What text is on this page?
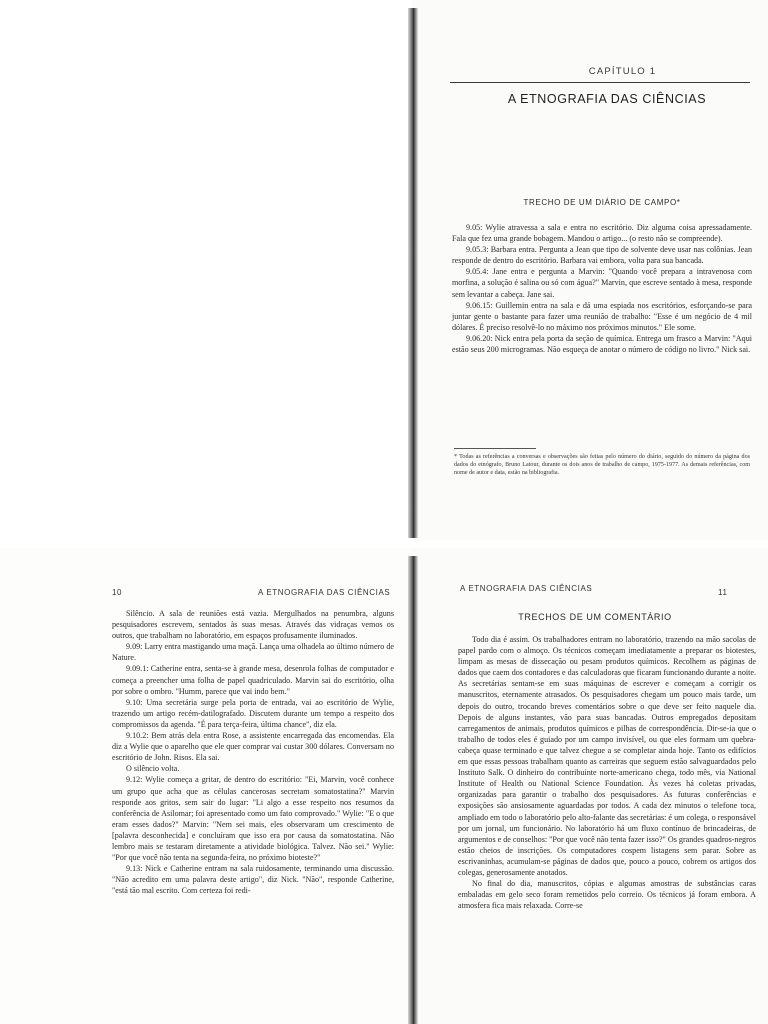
CAPÍTULO 1
A ETNOGRAFIA DAS CIÊNCIAS
TRECHO DE UM DIÁRIO DE CAMPO*

9.05: Wylie atravessa a sala e entra no escritório. Diz alguma coisa apressadamente. Fala que fez uma grande bobagem. Mandou o artigo... (o resto não se compreende).

9.05.3: Barbara entra. Pergunta a Jean que tipo de solvente deve usar nas colônias. Jean responde de dentro do escritório. Barbara vai embora, volta para sua bancada.

9.05.4: Jane entra e pergunta a Marvin: "Quando você prepara a intravenosa com morfina, a solução é salina ou só com água?" Marvin, que escreve sentado à mesa, responde sem levantar a cabeça. Jane sai.

9.06.15: Guillemin entra na sala e dá uma espiada nos escritórios, esforçando-se para juntar gente o bastante para fazer uma reunião de trabalho: "Esse é um negócio de 4 mil dólares. É preciso resolvê-lo no máximo nos próximos minutos." Ele some.

9.06.20: Nick entra pela porta da seção de química. Entrega um frasco a Marvin: "Aqui estão seus 200 microgramas. Não esqueça de anotar o número de código no livro." Nick sai.

* Todas as referências a conversas e observações são feitas pelo número do diário, seguido do número da página dos dados do etnógrafo, Bruno Latour, durante os dois anos de trabalho de campo, 1975-1977. As demais referências, com nome de autor e data, estão na bibliografia.
10	A ETNOGRAFIA DAS CIÊNCIAS

Silêncio. A sala de reuniões está vazia. Mergulhados na penumbra, alguns pesquisadores escrevem, sentados às suas mesas. Através das vidraças vemos os outros, que trabalham no laboratório, em espaços profusamente iluminados.

9.09: Larry entra mastigando uma maçã. Lança uma olhadela ao último número de Nature.

9.09.1: Catherine entra, senta-se à grande mesa, desenrola folhas de computador e começa a preencher uma folha de papel quadriculado. Marvin sai do escritório, olha por sobre o ombro. "Humm, parece que vai indo bem."

9.10: Uma secretária surge pela porta de entrada, vai ao escritório de Wylie, trazendo um artigo recém-datilografado. Discutem durante um tempo a respeito dos compromissos da agenda. "É para terça-feira, última chance", diz ela.

9.10.2: Bem atrás dela entra Rose, a assistente encarregada das encomendas. Ela diz a Wylie que o aparelho que ele quer comprar vai custar 300 dólares. Conversam no escritório de John. Risos. Ela sai.

O silêncio volta.

9.12: Wylie começa a gritar, de dentro do escritório: "Ei, Marvin, você conhece um grupo que acha que as células cancerosas secretam somatostatina?" Marvin responde aos gritos, sem sair do lugar: "Li algo a esse respeito nos resumos da conferência de Asilomar; foi apresentado como um fato comprovado." Wylie: "E o que eram esses dados?" Marvin: "Nem sei mais, eles observaram um crescimento de [palavra desconhecida] e concluíram que isso era por causa da somatostatina. Não lembro mais se testaram diretamente a atividade biológica. Talvez. Não sei." Wylie: "Por que você não tenta na segunda-feira, no próximo bioteste?"

9.13: Nick e Catherine entram na sala ruidosamente, terminando uma discussão. "Não acredito em uma palavra deste artigo", diz Nick. "Não", responde Catherine, "está tão mal escrito. Com certeza foi redi-

A ETNOGRAFIA DAS CIÊNCIAS	11
TRECHOS DE UM COMENTÁRIO

Todo dia é assim. Os trabalhadores entram no laboratório, trazendo na mão sacolas de papel pardo com o almoço. Os técnicos começam imediatamente a preparar os biotestes, limpam as mesas de dissecação ou pesam produtos químicos. Recolhem as páginas de dados que caem dos contadores e das calculadoras que ficaram funcionando durante a noite. As secretárias sentam-se em suas máquinas de escrever e começam a corrigir os manuscritos, eternamente atrasados. Os pesquisadores chegam um pouco mais tarde, um depois do outro, trocando breves comentários sobre o que deve ser feito naquele dia. Depois de alguns instantes, vão para suas bancadas. Outros empregados depositam carregamentos de animais, produtos químicos e pilhas de correspondência. Dir-se-ia que o trabalho de todos eles é guiado por um campo invisível, ou que eles formam um quebra-cabeça quase terminado e que talvez chegue a se completar ainda hoje. Tanto os edifícios em que essas pessoas trabalham quanto as carreiras que seguem estão salvaguardados pelo Instituto Salk. O dinheiro do contribuinte norte-americano chega, todo mês, via National Institute of Health ou National Science Foundation. Às vezes há coletas privadas, organizadas para garantir o trabalho dos pesquisadores. As futuras conferências e exposições são ansiosamente aguardadas por todos. A cada dez minutos o telefone toca, ampliado em todo o laboratório pelo alto-falante das secretárias: é um colega, o responsável por um jornal, um funcionário. No laboratório há um fluxo contínuo de brincadeiras, de argumentos e de conselhos: "Por que você não tenta fazer isso?" Os grandes quadros-negros estão cheios de inscrições. Os computadores cospem listagens sem parar. Sobre as escrivaninhas, acumulam-se páginas de dados que, pouco a pouco, cobrem os artigos dos colegas, generosamente anotados.

No final do dia, manuscritos, cópias e algumas amostras de substâncias caras embaladas em gelo seco foram remetidos pelo correio. Os técnicos já foram embora. A atmosfera fica mais relaxada. Corre-se
